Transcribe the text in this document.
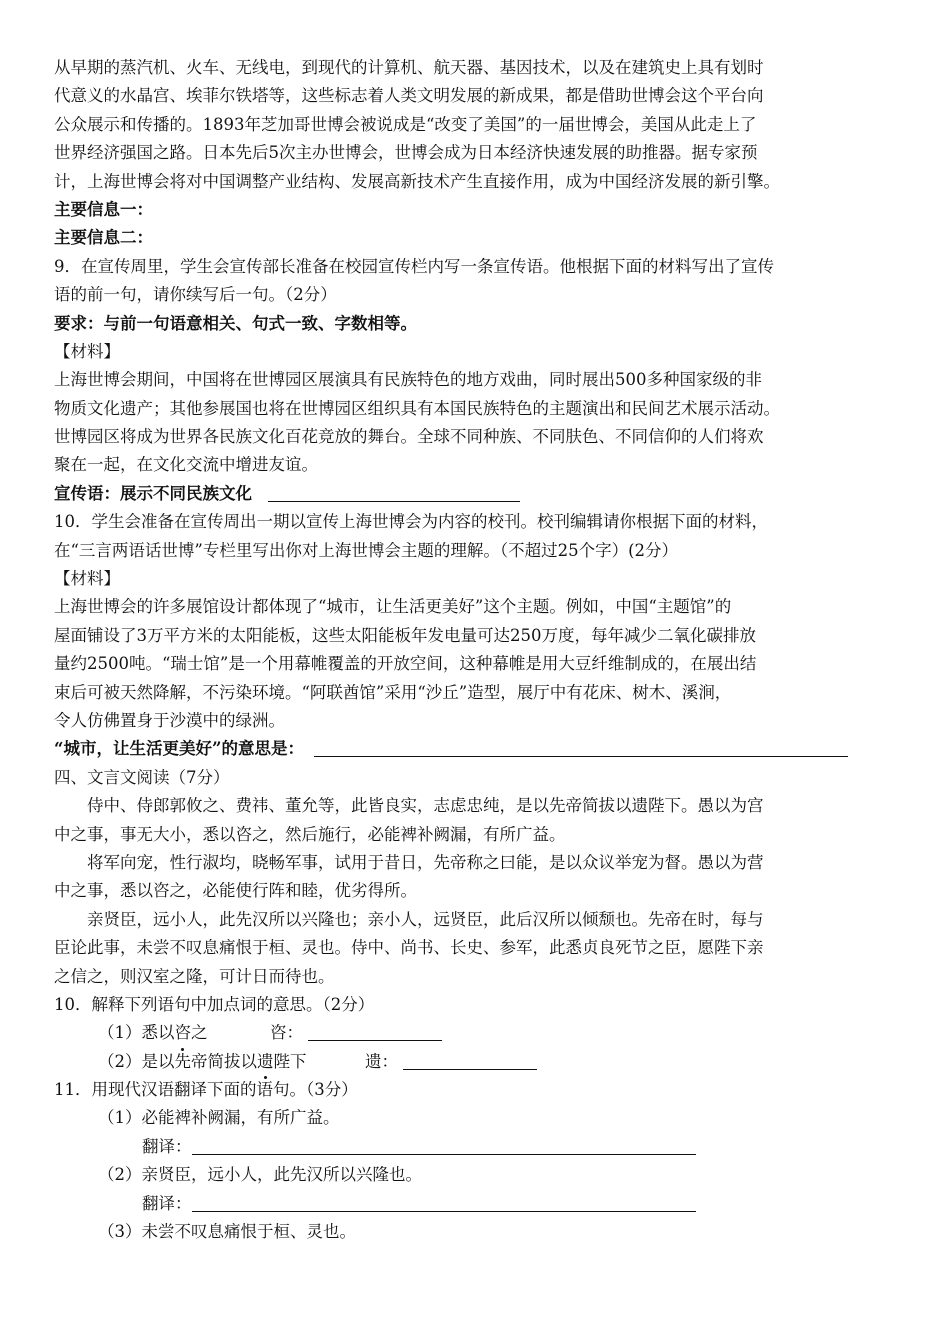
从早期的蒸汽机、火车、无线电，到现代的计算机、航天器、基因技术，以及在建筑史上具有划时
代意义的水晶宫、埃菲尔铁塔等，这些标志着人类文明发展的新成果，都是借助世博会这个平台向
公众展示和传播的。1893年芝加哥世博会被说成是“改变了美国”的一届世博会，美国从此走上了
世界经济强国之路。日本先后5次主办世博会，世博会成为日本经济快速发展的助推器。据专家预
计，上海世博会将对中国调整产业结构、发展高新技术产生直接作用，成为中国经济发展的新引擎。
主要信息一：
主要信息二：
9．在宣传周里，学生会宣传部长准备在校园宣传栏内写一条宣传语。他根据下面的材料写出了宣传
语的前一句，请你续写后一句。（2分）
要求：与前一句语意相关、句式一致、字数相等。
【材料】
上海世博会期间，中国将在世博园区展演具有民族特色的地方戏曲，同时展出500多种国家级的非
物质文化遗产；其他参展国也将在世博园区组织具有本国民族特色的主题演出和民间艺术展示活动。
世博园区将成为世界各民族文化百花竞放的舞台。全球不同种族、不同肤色、不同信仰的人们将欢
聚在一起，在文化交流中增进友谊。
宣传语：展示不同民族文化
10．学生会准备在宣传周出一期以宣传上海世博会为内容的校刊。校刊编辑请你根据下面的材料，
在“三言两语话世博”专栏里写出你对上海世博会主题的理解。（不超过25个字）(2分）
【材料】
上海世博会的许多展馆设计都体现了“城市，让生活更美好”这个主题。例如，中国“主题馆”的
屋面铺设了3万平方米的太阳能板，这些太阳能板年发电量可达250万度，每年减少二氧化碳排放
量约2500吨。“瑞士馆”是一个用幕帷覆盖的开放空间，这种幕帷是用大豆纤维制成的，在展出结
束后可被天然降解，不污染环境。“阿联酋馆”采用“沙丘”造型，展厅中有花床、树木、溪涧，
令人仿佛置身于沙漠中的绿洲。
“城市，让生活更美好”的意思是：
四、文言文阅读（7分）
侍中、侍郎郭攸之、费祎、董允等，此皆良实，志虑忠纯，是以先帝简拔以遗陛下。愚以为宫
中之事，事无大小，悉以咨之，然后施行，必能裨补阙漏，有所广益。
将军向宠，性行淑均，晓畅军事，试用于昔日，先帝称之曰能，是以众议举宠为督。愚以为营
中之事，悉以咨之，必能使行阵和睦，优劣得所。
亲贤臣，远小人，此先汉所以兴隆也；亲小人，远贤臣，此后汉所以倾颓也。先帝在时，每与
臣论此事，未尝不叹息痛恨于桓、灵也。侍中、尚书、长史、参军，此悉贞良死节之臣，愿陛下亲
之信之，则汉室之隆，可计日而待也。
10．解释下列语句中加点词的意思。（2分）
（1）悉以咨之	咨：
（2）是以先帝简拔以遗陛下	遗：
11．用现代汉语翻译下面的语句。（3分）
（1）必能裨补阙漏，有所广益。
翻译：
（2）亲贤臣，远小人，此先汉所以兴隆也。
翻译：
（3）未尝不叹息痛恨于桓、灵也。
